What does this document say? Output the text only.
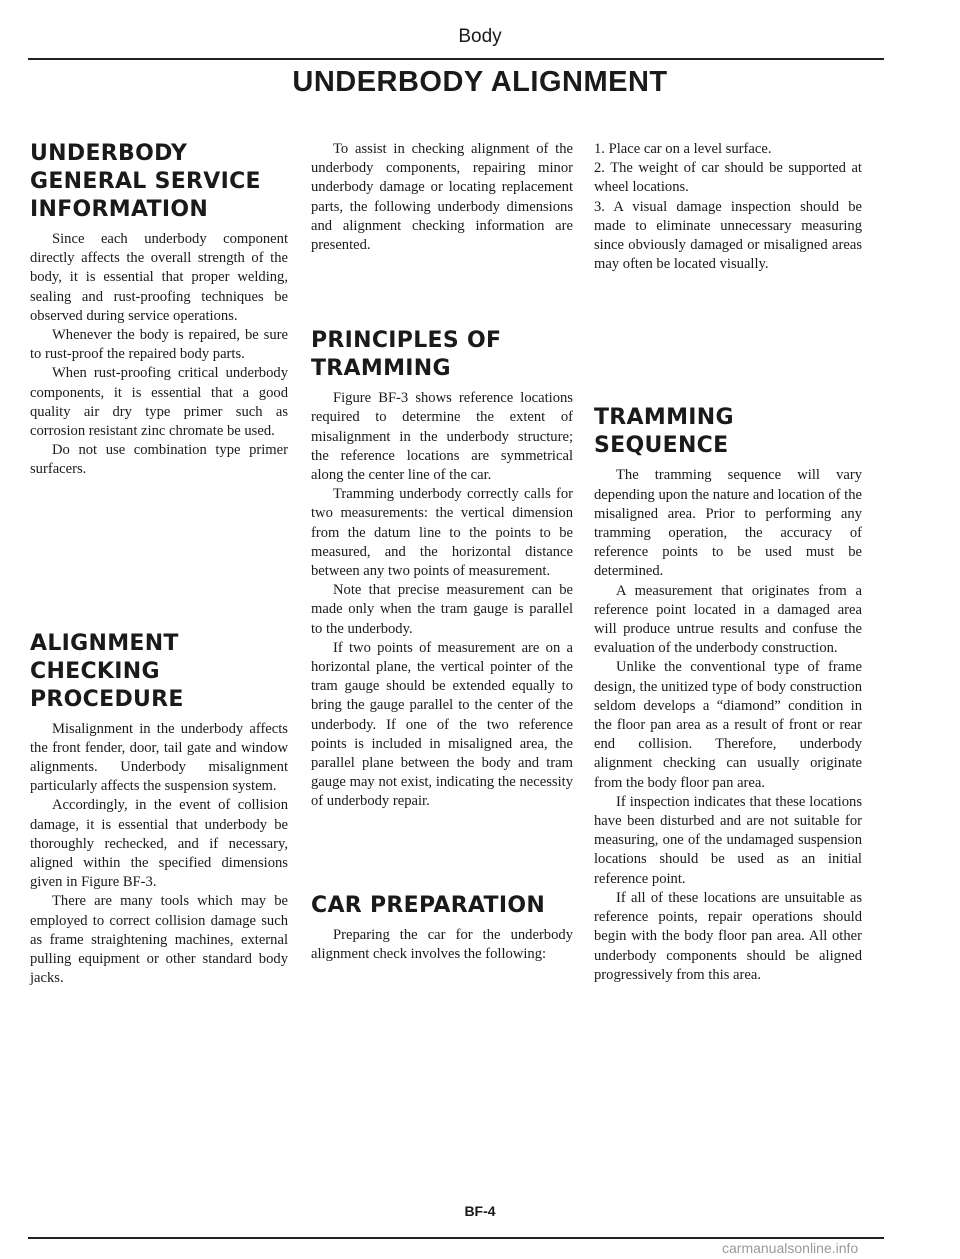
Body
UNDERBODY ALIGNMENT
UNDERBODY GENERAL SERVICE INFORMATION

Since each underbody component directly affects the overall strength of the body, it is essential that proper welding, sealing and rust-proofing techniques be observed during service operations.

Whenever the body is repaired, be sure to rust-proof the repaired body parts.

When rust-proofing critical underbody components, it is essential that a good quality air dry type primer such as corrosion resistant zinc chromate be used.

Do not use combination type primer surfacers.

ALIGNMENT CHECKING PROCEDURE

Misalignment in the underbody affects the front fender, door, tail gate and window alignments. Underbody misalignment particularly affects the suspension system.

Accordingly, in the event of collision damage, it is essential that underbody be thoroughly rechecked, and if necessary, aligned within the specified dimensions given in Figure BF-3.

There are many tools which may be employed to correct collision damage such as frame straightening machines, external pulling equipment or other standard body jacks.

To assist in checking alignment of the underbody components, repairing minor underbody damage or locating replacement parts, the following underbody dimensions and alignment checking information are presented.

PRINCIPLES OF TRAMMING

Figure BF-3 shows reference locations required to determine the extent of misalignment in the underbody structure; the reference locations are symmetrical along the center line of the car.

Tramming underbody correctly calls for two measurements: the vertical dimension from the datum line to the points to be measured, and the horizontal distance between any two points of measurement.

Note that precise measurement can be made only when the tram gauge is parallel to the underbody.

If two points of measurement are on a horizontal plane, the vertical pointer of the tram gauge should be extended equally to bring the gauge parallel to the center of the underbody. If one of the two reference points is included in misaligned area, the parallel plane between the body and tram gauge may not exist, indicating the necessity of underbody repair.

CAR PREPARATION

Preparing the car for the underbody alignment check involves the following:

1. Place car on a level surface.

2. The weight of car should be supported at wheel locations.

3. A visual damage inspection should be made to eliminate unnecessary measuring since obviously damaged or misaligned areas may often be located visually.

TRAMMING SEQUENCE

The tramming sequence will vary depending upon the nature and location of the misaligned area. Prior to performing any tramming operation, the accuracy of reference points to be used must be determined.

A measurement that originates from a reference point located in a damaged area will produce untrue results and confuse the evaluation of the underbody construction.

Unlike the conventional type of frame design, the unitized type of body construction seldom develops a “diamond” condition in the floor pan area as a result of front or rear end collision. Therefore, underbody alignment checking can usually originate from the body floor pan area.

If inspection indicates that these locations have been disturbed and are not suitable for measuring, one of the undamaged suspension locations should be used as an initial reference point.

If all of these locations are unsuitable as reference points, repair operations should begin with the body floor pan area. All other underbody components should be aligned progressively from this area.

BF-4
carmanualsonline.info
